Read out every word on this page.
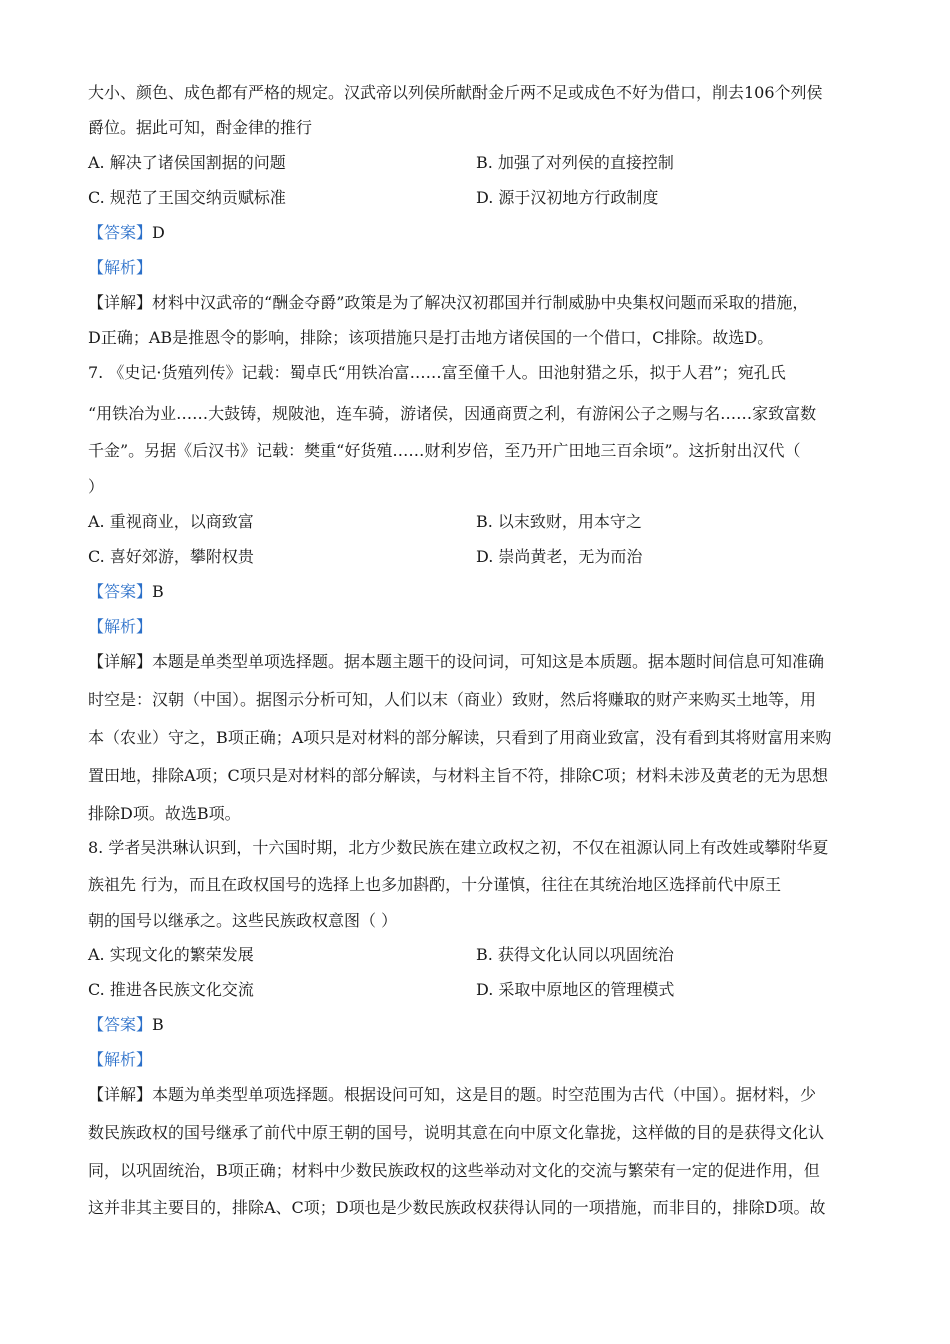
大小、颜色、成色都有严格的规定。汉武帝以列侯所献酎金斤两不足或成色不好为借口，削去106个列侯
爵位。据此可知，酎金律的推行
A. 解决了诸侯国割据的问题	B. 加强了对列侯的直接控制
C. 规范了王国交纳贡赋标准	D. 源于汉初地方行政制度
【答案】D
【解析】
【详解】材料中汉武帝的“酬金夺爵”政策是为了解决汉初郡国并行制威胁中央集权问题而采取的措施，
D正确；AB是推恩令的影响，排除；该项措施只是打击地方诸侯国的一个借口，C排除。故选D。
7. 《史记·货殖列传》记载：蜀卓氏“用铁冶富……富至僮千人。田池射猎之乐，拟于人君”；宛孔氏
“用铁冶为业……大鼓铸，规陂池，连车骑，游诸侯，因通商贾之利，有游闲公子之赐与名……家致富数
千金”。另据《后汉书》记载：樊重“好货殖……财利岁倍，至乃开广田地三百余顷”。这折射出汉代（
）
A. 重视商业，以商致富	B. 以末致财，用本守之
C. 喜好郊游，攀附权贵	D. 崇尚黄老，无为而治
【答案】B
【解析】
【详解】本题是单类型单项选择题。据本题主题干的设问词，可知这是本质题。据本题时间信息可知准确
时空是：汉朝（中国）。据图示分析可知，人们以末（商业）致财，然后将赚取的财产来购买土地等，用
本（农业）守之，B项正确；A项只是对材料的部分解读，只看到了用商业致富，没有看到其将财富用来购
置田地，排除A项；C项只是对材料的部分解读，与材料主旨不符，排除C项；材料未涉及黄老的无为思想
排除D项。故选B项。
8. 学者吴洪琳认识到，十六国时期，北方少数民族在建立政权之初，不仅在祖源认同上有改姓或攀附华夏
族祖先 行为，而且在政权国号的选择上也多加斟酌，十分谨慎，往往在其统治地区选择前代中原王
朝的国号以继承之。这些民族政权意图（ ）
A. 实现文化的繁荣发展	B. 获得文化认同以巩固统治
C. 推进各民族文化交流	D. 采取中原地区的管理模式
【答案】B
【解析】
【详解】本题为单类型单项选择题。根据设问可知，这是目的题。时空范围为古代（中国）。据材料，少
数民族政权的国号继承了前代中原王朝的国号，说明其意在向中原文化靠拢，这样做的目的是获得文化认
同，以巩固统治，B项正确；材料中少数民族政权的这些举动对文化的交流与繁荣有一定的促进作用，但
这并非其主要目的，排除A、C项；D项也是少数民族政权获得认同的一项措施，而非目的，排除D项。故
